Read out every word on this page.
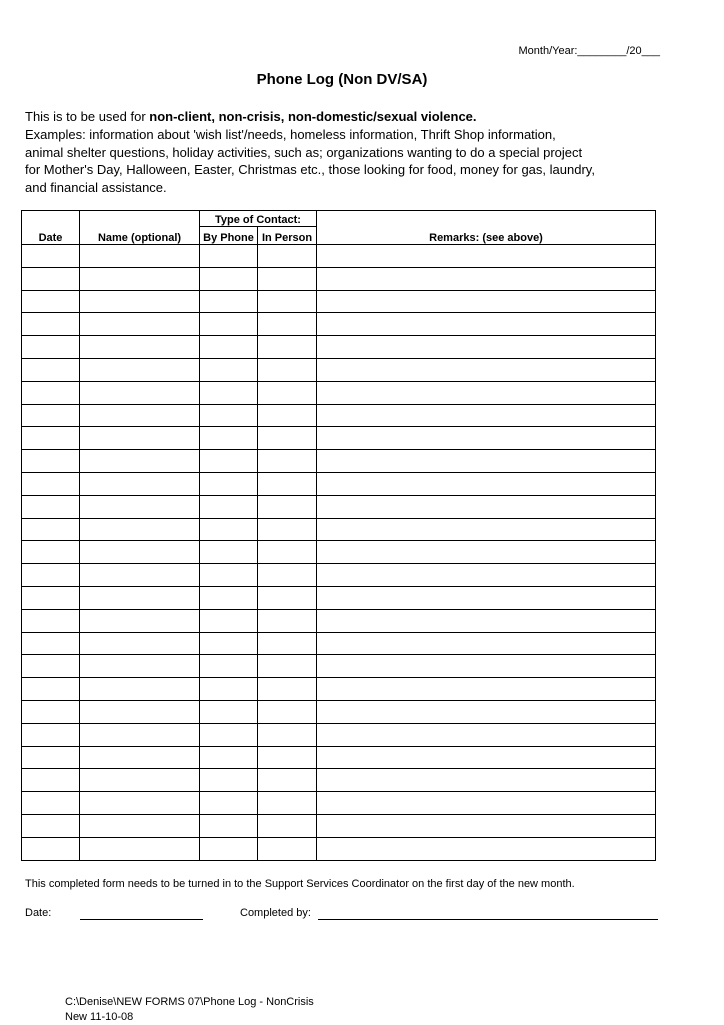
Month/Year:________/20___
Phone Log (Non DV/SA)
This is to be used for non-client, non-crisis, non-domestic/sexual violence.
Examples: information about 'wish list'/needs, homeless information, Thrift Shop information,
animal shelter questions, holiday activities, such as; organizations wanting to do a special project
for Mother's Day, Halloween, Easter, Christmas etc., those looking for food, money for gas, laundry,
and financial assistance.
		Type of Contact:		
Date	Name (optional)	By Phone	In Person	Remarks: (see above)

This completed form needs to be turned in to the Support Services Coordinator on the first day of the new month.
Date:	Completed by:
C:\Denise\NEW FORMS 07\Phone Log - NonCrisis
New 11-10-08
